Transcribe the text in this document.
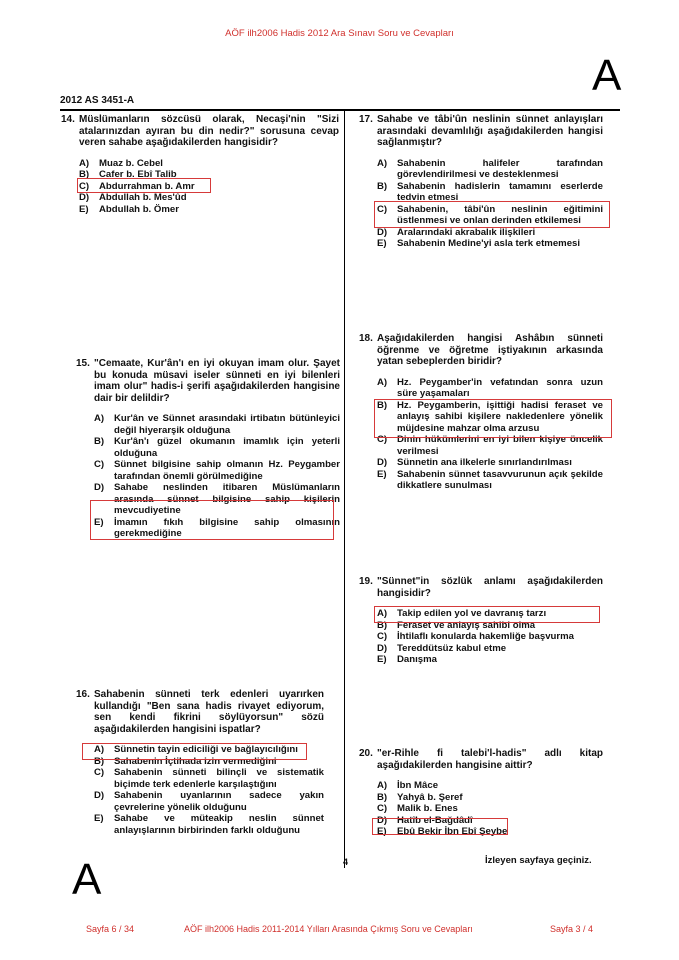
AÖF ilh2006 Hadis 2012 Ara Sınavı Soru ve Cevapları
A
2012 AS 3451-A
14. Müslümanların sözcüsü olarak, Necaşi'nin "Sizi atalarınızdan ayıran bu din nedir?" sorusuna cevap veren sahabe aşağıdakilerden hangisidir?
A) Muaz b. Cebel
B) Cafer b. Ebî Talib
C) Abdurrahman b. Amr
D) Abdullah b. Mes'ûd
E) Abdullah b. Ömer
15. "Cemaate, Kur'ân'ı en iyi okuyan imam olur. Şayet bu konuda müsavi iseler sünneti en iyi bilenleri imam olur" hadis-i şerifi aşağıdakilerden hangisine dair bir delildir?
A) Kur'ân ve Sünnet arasındaki irtibatın bütünleyici değil hiyerarşik olduğuna
B) Kur'ân'ı güzel okumanın imamlık için yeterli olduğuna
C) Sünnet bilgisine sahip olmanın Hz. Peygamber tarafından önemli görülmediğine
D) Sahabe neslinden itibaren Müslümanların arasında sünnet bilgisine sahip kişilerin mevcudiyetine
E) İmamın fıkıh bilgisine sahip olmasının gerekmediğine
16. Sahabenin sünneti terk edenleri uyarırken kullandığı "Ben sana hadis rivayet ediyorum, sen kendi fikrini söylüyorsun" sözü aşağıdakilerden hangisini ispatlar?
A) Sünnetin tayin ediciliği ve bağlayıcılığını
B) Sahabenin İçtihada izin vermediğini
C) Sahabenin sünneti bilinçli ve sistematik biçimde terk edenlerle karşılaştığını
D) Sahabenin uyanlarının sadece yakın çevrelerine yönelik olduğunu
E) Sahabe ve müteakip neslin sünnet anlayışlarının birbirinden farklı olduğunu
17. Sahabe ve tâbi'ûn neslinin sünnet anlayışları arasındaki devamlılığı aşağıdakilerden hangisi sağlanmıştır?
A) Sahabenin halifeler tarafından görevlendirilmesi ve desteklenmesi
B) Sahabenin hadislerin tamamını eserlerde tedvin etmesi
C) Sahabenin, tâbi'ûn neslinin eğitimini üstlenmesi ve onlan derinden etkilemesi
D) Aralarındaki akrabalık ilişkileri
E) Sahabenin Medine'yi asla terk etmemesi
18. Aşağıdakilerden hangisi Ashâbın sünneti öğrenme ve öğretme iştiyakının arkasında yatan sebeplerden biridir?
A) Hz. Peygamber'in vefatından sonra uzun süre yaşamaları
B) Hz. Peygamberin, işittiği hadisi feraset ve anlayış sahibi kişilere nakledenlere yönelik müjdesine mahzar olma arzusu
C) Dinin hükümlerini en iyi bilen kişiye öncelik verilmesi
D) Sünnetin ana ilkelerle sınırlandırılması
E) Sahabenin sünnet tasavvurunun açık şekilde dikkatlere sunulması
19. "Sünnet"in sözlük anlamı aşağıdakilerden hangisidir?
A) Takip edilen yol ve davranış tarzı
B) Feraset ve anlayış sahibi olma
C) İhtilaflı konularda hakemliğe başvurma
D) Tereddütsüz kabul etme
E) Danışma
20. "er-Rihle fi talebi'l-hadis" adlı kitap aşağıdakilerden hangisine aittir?
A) İbn Mâce
B) Yahyâ b. Şeref
C) Malik b. Enes
D) Hatîb el-Bağdâdî
E) Ebû Bekir İbn Ebî Şeybe
4	İzleyen sayfaya geçiniz.
A
Sayfa 6 / 34	AÖF ilh2006 Hadis 2011-2014 Yılları Arasında Çıkmış Soru ve Cevapları	Sayfa 3 / 4
